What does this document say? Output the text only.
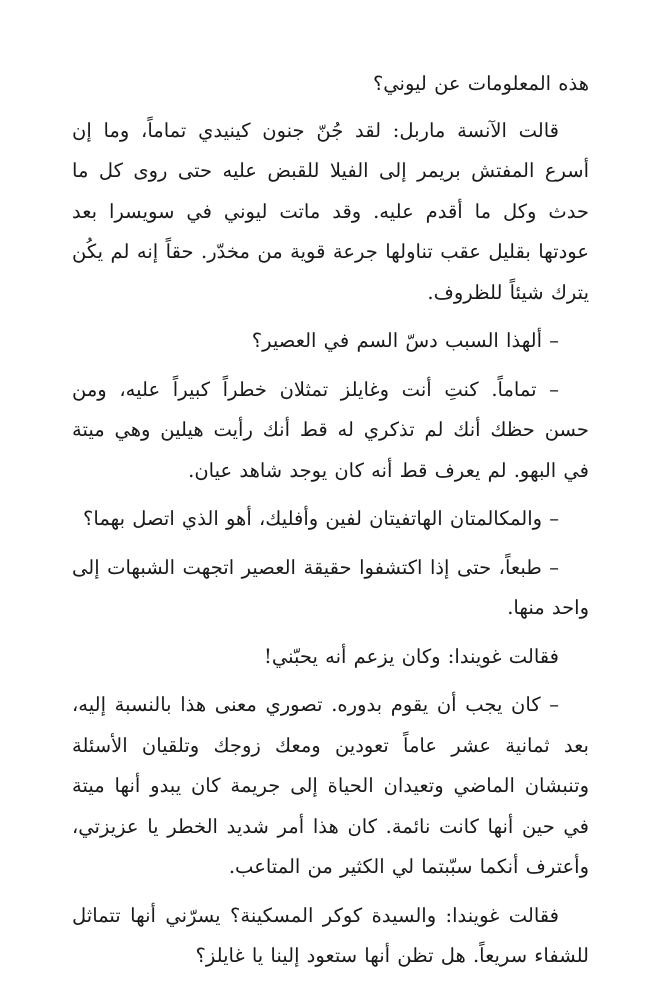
هذه المعلومات عن ليوني؟

قالت الآنسة ماربل: لقد جُنّ جنون كينيدي تماماً، وما إن أسرع المفتش بريمر إلى الفيلا للقبض عليه حتى روى كل ما حدث وكل ما أقدم عليه. وقد ماتت ليوني في سويسرا بعد عودتها بقليل عقب تناولها جرعة قوية من مخدّر. حقاً إنه لم يكُن يترك شيئاً للظروف.

– ألهذا السبب دسّ السم في العصير؟

– تماماً. كنتِ أنت وغايلز تمثلان خطراً كبيراً عليه، ومن حسن حظك أنك لم تذكري له قط أنك رأيت هيلين وهي ميتة في البهو. لم يعرف قط أنه كان يوجد شاهد عيان.

– والمكالمتان الهاتفيتان لفين وأفليك، أهو الذي اتصل بهما؟

– طبعاً، حتى إذا اكتشفوا حقيقة العصير اتجهت الشبهات إلى واحد منها.

فقالت غويندا: وكان يزعم أنه يحبّني!

– كان يجب أن يقوم بدوره. تصوري معنى هذا بالنسبة إليه، بعد ثمانية عشر عاماً تعودين ومعك زوجك وتلقيان الأسئلة وتنبشان الماضي وتعيدان الحياة إلى جريمة كان يبدو أنها ميتة في حين أنها كانت نائمة. كان هذا أمر شديد الخطر يا عزيزتي، وأعترف أنكما سبّبتما لي الكثير من المتاعب.

فقالت غويندا: والسيدة كوكر المسكينة؟ يسرّني أنها تتماثل للشفاء سريعاً. هل تظن أنها ستعود إلينا يا غايلز؟
